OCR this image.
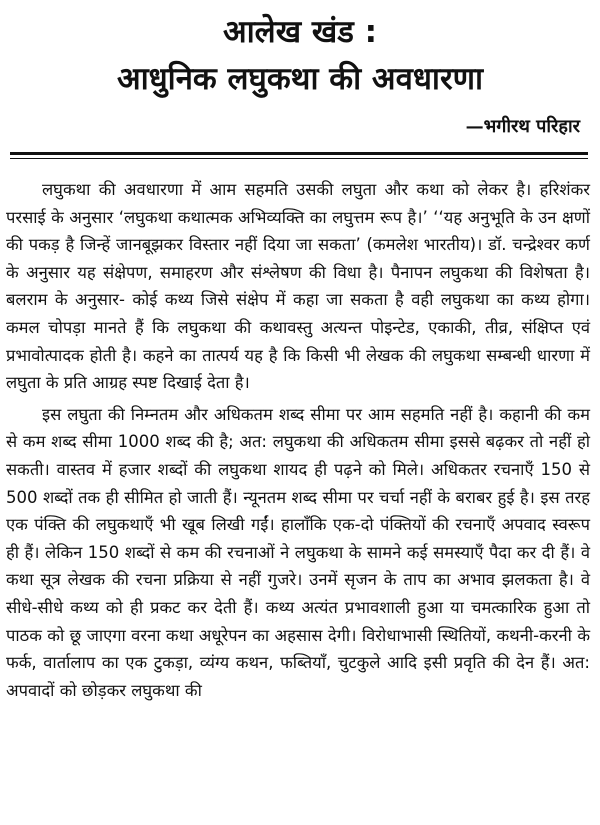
आलेख खंड :
आधुनिक लघुकथा की अवधारणा
—भगीरथ परिहार

लघुकथा की अवधारणा में आम सहमति उसकी लघुता और कथा को लेकर है। हरिशंकर परसाई के अनुसार ‘लघुकथा कथात्मक अभिव्यक्ति का लघुत्तम रूप है।’ ‘‘यह अनुभूति के उन क्षणों की पकड़ है जिन्हें जानबूझकर विस्तार नहीं दिया जा सकता’ (कमलेश भारतीय)। डॉ. चन्द्रेश्वर कर्ण के अनुसार यह संक्षेपण, समाहरण और संश्लेषण की विधा है। पैनापन लघुकथा की विशेषता है। बलराम के अनुसार- कोई कथ्य जिसे संक्षेप में कहा जा सकता है वही लघुकथा का कथ्य होगा। कमल चोपड़ा मानते हैं कि लघुकथा की कथावस्तु अत्यन्त पोइन्टेड, एकाकी, तीव्र, संक्षिप्त एवं प्रभावोत्पादक होती है। कहने का तात्पर्य यह है कि किसी भी लेखक की लघुकथा सम्बन्धी धारणा में लघुता के प्रति आग्रह स्पष्ट दिखाई देता है।

इस लघुता की निम्नतम और अधिकतम शब्द सीमा पर आम सहमति नहीं है। कहानी की कम से कम शब्द सीमा 1000 शब्द की है; अत: लघुकथा की अधिकतम सीमा इससे बढ़कर तो नहीं हो सकती। वास्तव में हजार शब्दों की लघुकथा शायद ही पढ़ने को मिले। अधिकतर रचनाएँ 150 से 500 शब्दों तक ही सीमित हो जाती हैं। न्यूनतम शब्द सीमा पर चर्चा नहीं के बराबर हुई है। इस तरह एक पंक्ति की लघुकथाएँ भी खूब लिखी गईं। हालाँकि एक-दो पंक्तियों की रचनाएँ अपवाद स्वरूप ही हैं। लेकिन 150 शब्दों से कम की रचनाओं ने लघुकथा के सामने कई समस्याएँ पैदा कर दी हैं। वे कथा सूत्र लेखक की रचना प्रक्रिया से नहीं गुजरे। उनमें सृजन के ताप का अभाव झलकता है। वे सीधे-सीधे कथ्य को ही प्रकट कर देती हैं। कथ्य अत्यंत प्रभावशाली हुआ या चमत्कारिक हुआ तो पाठक को छू जाएगा वरना कथा अधूरेपन का अहसास देगी। विरोधाभासी स्थितियों, कथनी-करनी के फर्क, वार्तालाप का एक टुकड़ा, व्यंग्य कथन, फब्तियाँ, चुटकुले आदि इसी प्रवृति की देन हैं। अत: अपवादों को छोड़कर लघुकथा की
